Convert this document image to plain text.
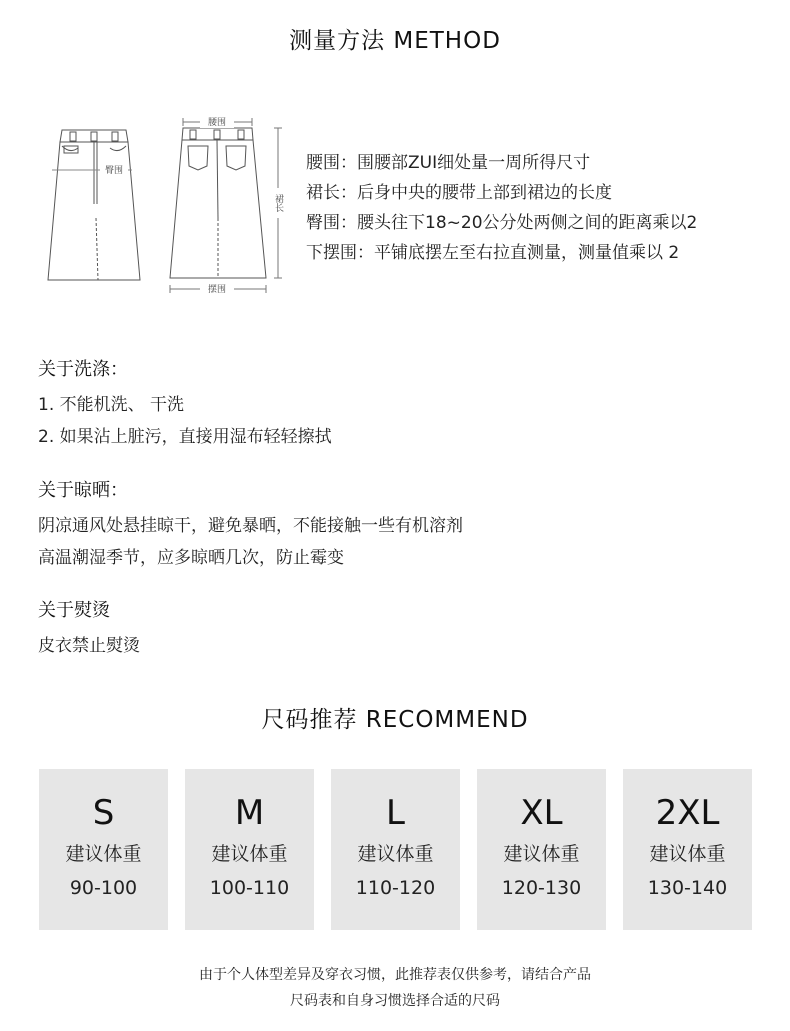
测量方法 METHOD
腰围
摆围
臀围
裙长
腰围：围腰部ZUI细处量一周所得尺寸
裙长：后身中央的腰带上部到裙边的长度
臀围：腰头往下18~20公分处两侧之间的距离乘以2
下摆围：平铺底摆左至右拉直测量，测量值乘以 2
关于洗涤：
1. 不能机洗、 干洗
2. 如果沾上脏污，直接用湿布轻轻擦拭
关于晾晒：
阴凉通风处悬挂晾干，避免暴晒，不能接触一些有机溶剂
高温潮湿季节，应多晾晒几次，防止霉变
关于熨烫
皮衣禁止熨烫
尺码推荐 RECOMMEND
S
建议体重
90-100
M
建议体重
100-110
L
建议体重
110-120
XL
建议体重
120-130
2XL
建议体重
130-140
由于个人体型差异及穿衣习惯，此推荐表仅供参考，请结合产品
尺码表和自身习惯选择合适的尺码
